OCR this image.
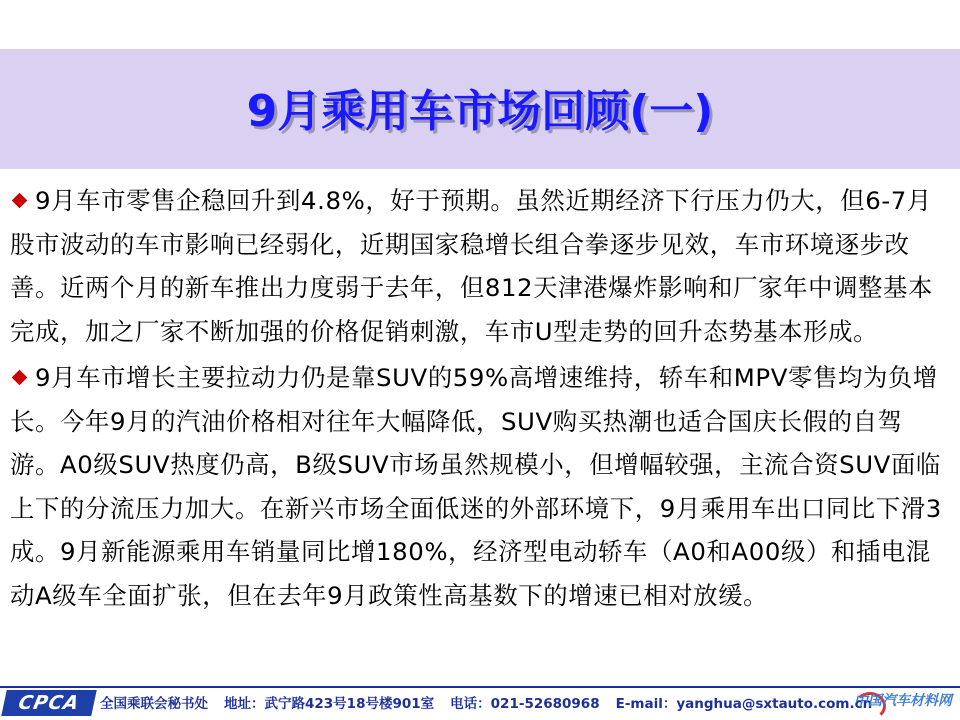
9月乘用车市场回顾(一)

9月车市零售企稳回升到4.8%，好于预期。虽然近期经济下行压力仍大，但6-7月股市波动的车市影响已经弱化，近期国家稳增长组合拳逐步见效，车市环境逐步改善。近两个月的新车推出力度弱于去年，但812天津港爆炸影响和厂家年中调整基本完成，加之厂家不断加强的价格促销刺激，车市U型走势的回升态势基本形成。

9月车市增长主要拉动力仍是靠SUV的59%高增速维持，轿车和MPV零售均为负增长。今年9月的汽油价格相对往年大幅降低，SUV购买热潮也适合国庆长假的自驾游。A0级SUV热度仍高，B级SUV市场虽然规模小，但增幅较强，主流合资SUV面临上下的分流压力加大。在新兴市场全面低迷的外部环境下，9月乘用车出口同比下滑3成。9月新能源乘用车销量同比增180%，经济型电动轿车（A0和A00级）和插电混动A级车全面扩张，但在去年9月政策性高基数下的增速已相对放缓。

CPCA	全国乘联会秘书处 地址：武宁路423号18号楼901室 电话：021-52680968 E-mail：yanghua@sxtauto.com.cn
中国汽车材料网
